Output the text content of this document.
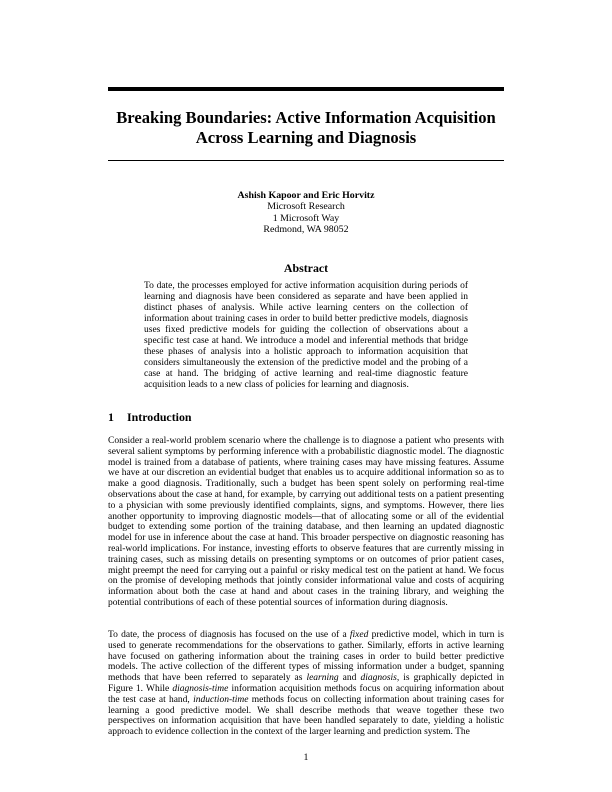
Breaking Boundaries: Active Information Acquisition
Across Learning and Diagnosis
Ashish Kapoor and Eric Horvitz
Microsoft Research
1 Microsoft Way
Redmond, WA 98052
Abstract

To date, the processes employed for active information acquisition during periods of learning and diagnosis have been considered as separate and have been applied in distinct phases of analysis. While active learning centers on the collection of information about training cases in order to build better predictive models, diagnosis uses fixed predictive models for guiding the collection of observations about a specific test case at hand. We introduce a model and inferential methods that bridge these phases of analysis into a holistic approach to information acquisition that considers simultaneously the extension of the predictive model and the probing of a case at hand. The bridging of active learning and real-time diagnostic feature acquisition leads to a new class of policies for learning and diagnosis.

1 Introduction

Consider a real-world problem scenario where the challenge is to diagnose a patient who presents with several salient symptoms by performing inference with a probabilistic diagnostic model. The diagnostic model is trained from a database of patients, where training cases may have missing features. Assume we have at our discretion an evidential budget that enables us to acquire additional information so as to make a good diagnosis. Traditionally, such a budget has been spent solely on performing real-time observations about the case at hand, for example, by carrying out additional tests on a patient presenting to a physician with some previously identified complaints, signs, and symptoms. However, there lies another opportunity to improving diagnostic models—that of allocating some or all of the evidential budget to extending some portion of the training database, and then learning an updated diagnostic model for use in inference about the case at hand. This broader perspective on diagnostic reasoning has real-world implications. For instance, investing efforts to observe features that are currently missing in training cases, such as missing details on presenting symptoms or on outcomes of prior patient cases, might preempt the need for carrying out a painful or risky medical test on the patient at hand. We focus on the promise of developing methods that jointly consider informational value and costs of acquiring information about both the case at hand and about cases in the training library, and weighing the potential contributions of each of these potential sources of information during diagnosis.

To date, the process of diagnosis has focused on the use of a fixed predictive model, which in turn is used to generate recommendations for the observations to gather. Similarly, efforts in active learning have focused on gathering information about the training cases in order to build better predictive models. The active collection of the different types of missing information under a budget, spanning methods that have been referred to separately as learning and diagnosis, is graphically depicted in Figure 1. While diagnosis-time information acquisition methods focus on acquiring information about the test case at hand, induction-time methods focus on collecting information about training cases for learning a good predictive model. We shall describe methods that weave together these two perspectives on information acquisition that have been handled separately to date, yielding a holistic approach to evidence collection in the context of the larger learning and prediction system. The

1
